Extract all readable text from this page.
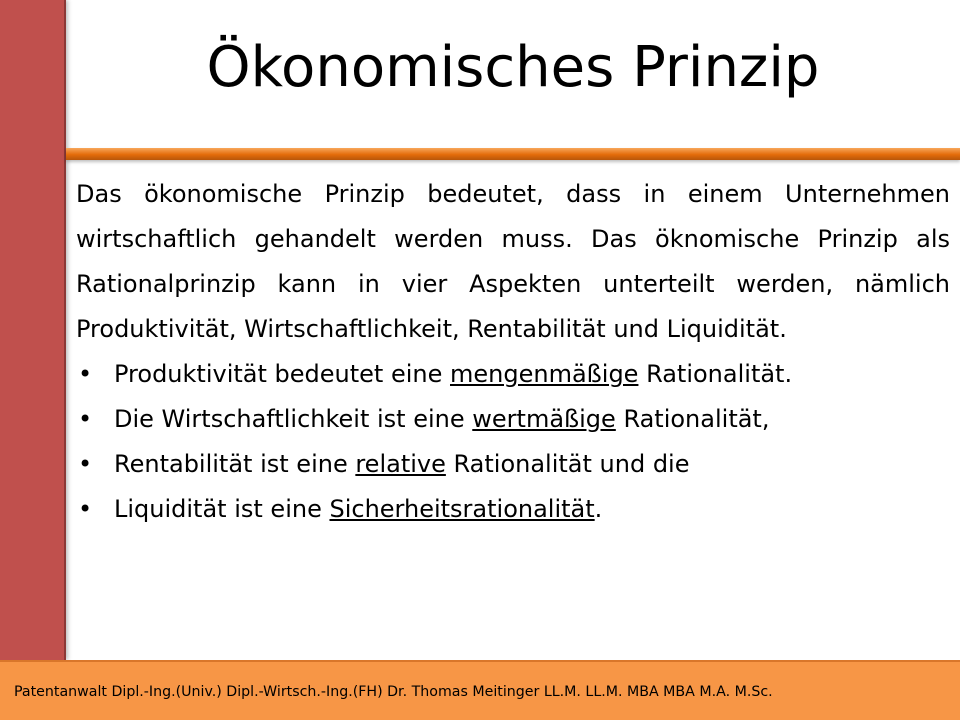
Ökonomisches Prinzip

Das ökonomische Prinzip bedeutet, dass in einem Unternehmen wirtschaftlich gehandelt werden muss. Das öknomische Prinzip als Rationalprinzip kann in vier Aspekten unterteilt werden, nämlich Produktivität, Wirtschaftlichkeit, Rentabilität und Liquidität.

• Produktivität bedeutet eine mengenmäßige Rationalität.
• Die Wirtschaftlichkeit ist eine wertmäßige Rationalität,
• Rentabilität ist eine relative Rationalität und die
• Liquidität ist eine Sicherheitsrationalität.
Patentanwalt Dipl.-Ing.(Univ.) Dipl.-Wirtsch.-Ing.(FH) Dr. Thomas Meitinger LL.M. LL.M. MBA MBA M.A. M.Sc.
